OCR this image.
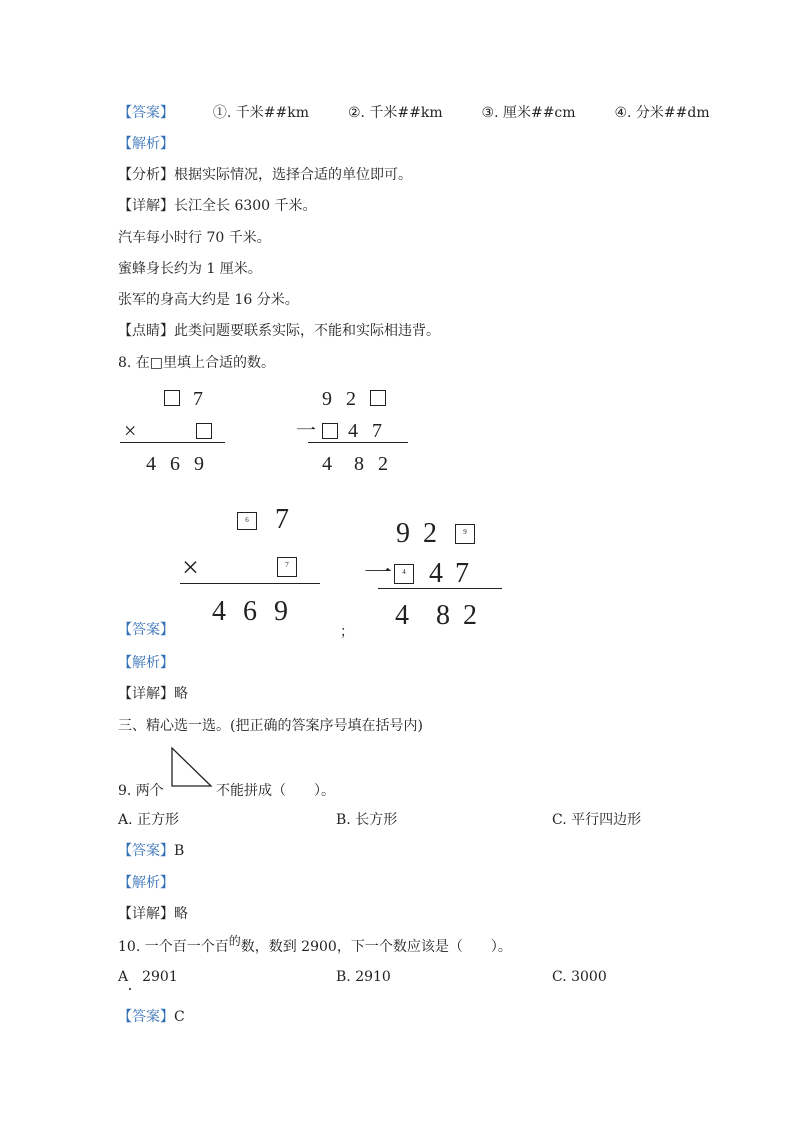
【答案】	①. 千米##km	②. 千米##km	③. 厘米##cm	④. 分米##dm
【解析】
【分析】根据实际情况，选择合适的单位即可。
【详解】长江全长 6300 千米。
汽车每小时行 70 千米。
蜜蜂身长约为 1 厘米。
张军的身高大约是 16 分米。
【点睛】此类问题要联系实际，不能和实际相违背。
8. 在□里填上合适的数。
7
×
4 6 9
9 2
一 4 7
4 8 2
6 7
×	7
4 6 9
9 2	9
一	4 4 7
4 8 2
【答案】	；
【解析】
【详解】略
三、精心选一选。(把正确的答案序号填在括号内)
9. 两个	不能拼成（　　）。
A. 正方形	B. 长方形	C. 平行四边形
【答案】B
【解析】
【详解】略
10. 一个百一个百的数，数到 2900，下一个数应该是（　　）。
A　2901	B. 2910	C. 3000
【答案】C
